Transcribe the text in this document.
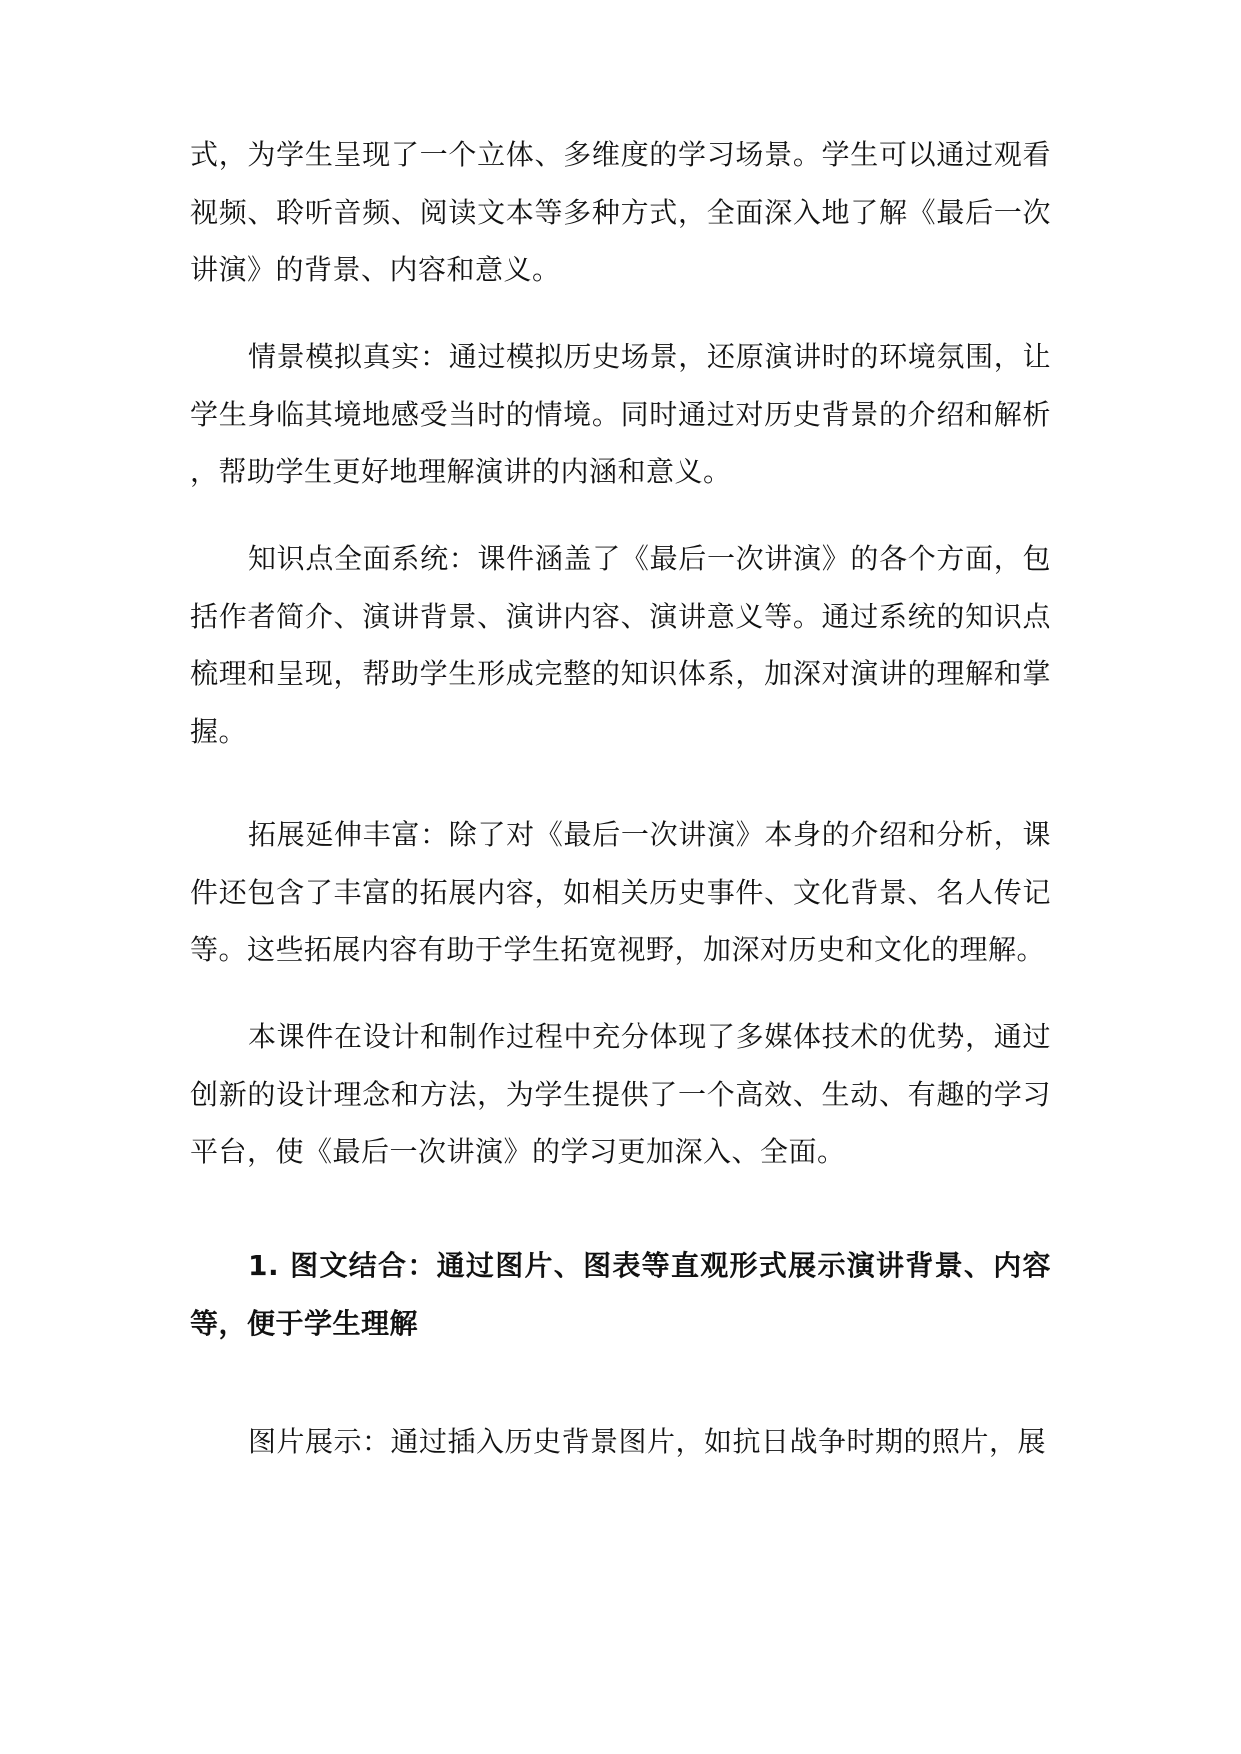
式，为学生呈现了一个立体、多维度的学习场景。学生可以通过观看视频、聆听音频、阅读文本等多种方式，全面深入地了解《最后一次讲演》的背景、内容和意义。

情景模拟真实：通过模拟历史场景，还原演讲时的环境氛围，让学生身临其境地感受当时的情境。同时通过对历史背景的介绍和解析，帮助学生更好地理解演讲的内涵和意义。

知识点全面系统：课件涵盖了《最后一次讲演》的各个方面，包括作者简介、演讲背景、演讲内容、演讲意义等。通过系统的知识点梳理和呈现，帮助学生形成完整的知识体系，加深对演讲的理解和掌握。

拓展延伸丰富：除了对《最后一次讲演》本身的介绍和分析，课件还包含了丰富的拓展内容，如相关历史事件、文化背景、名人传记等。这些拓展内容有助于学生拓宽视野，加深对历史和文化的理解。

本课件在设计和制作过程中充分体现了多媒体技术的优势，通过创新的设计理念和方法，为学生提供了一个高效、生动、有趣的学习平台，使《最后一次讲演》的学习更加深入、全面。

1. 图文结合：通过图片、图表等直观形式展示演讲背景、内容等，便于学生理解

图片展示：通过插入历史背景图片，如抗日战争时期的照片，展
